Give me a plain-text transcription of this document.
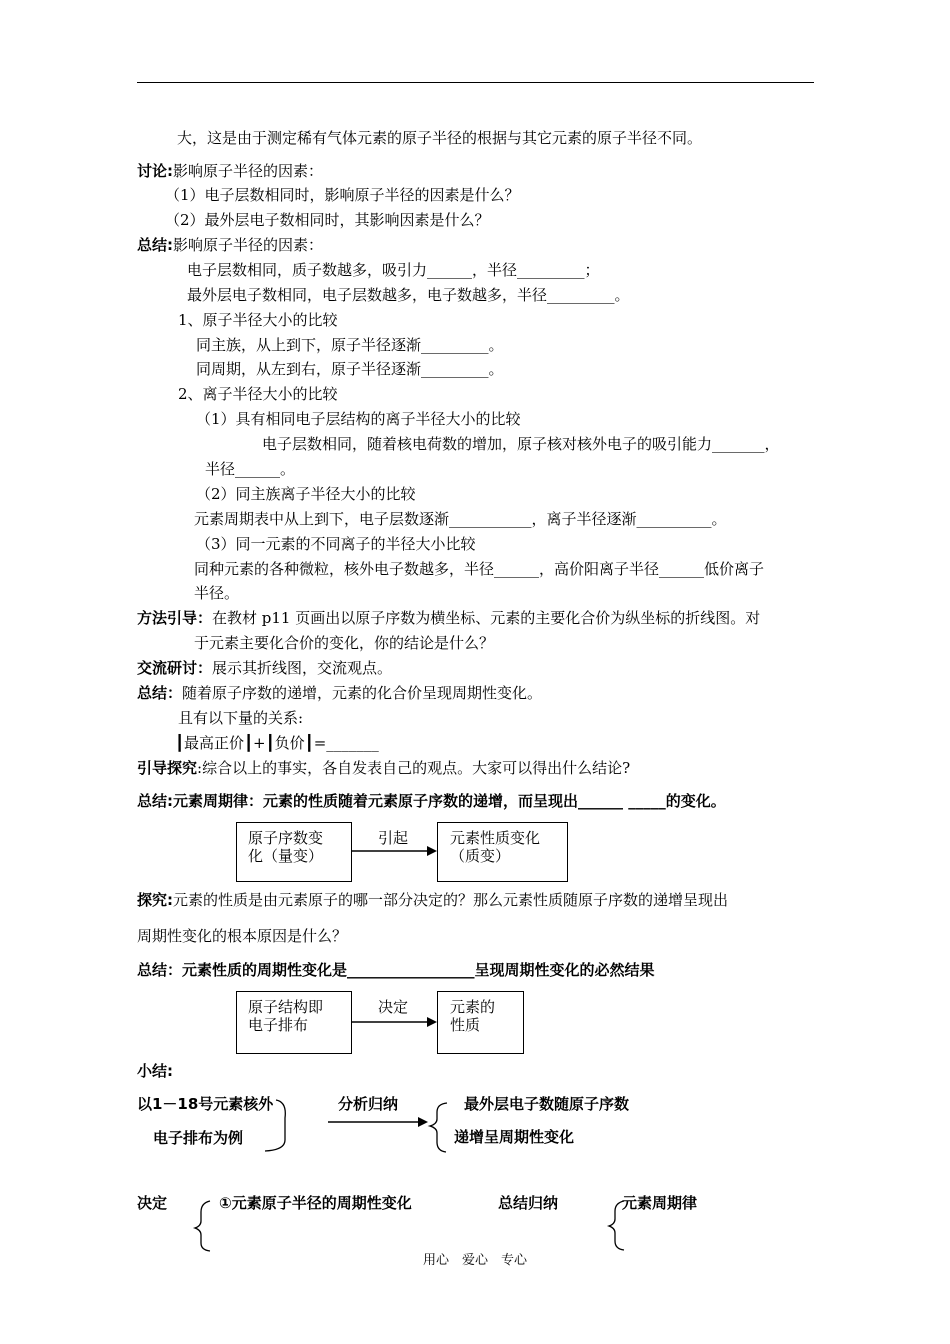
大，这是由于测定稀有气体元素的原子半径的根据与其它元素的原子半径不同。
讨论:影响原子半径的因素：
（1）电子层数相同时，影响原子半径的因素是什么？
（2）最外层电子数相同时，其影响因素是什么？
总结:影响原子半径的因素：
电子层数相同，质子数越多，吸引力______，半径_________；
最外层电子数相同，电子层数越多，电子数越多，半径_________。
1、原子半径大小的比较
同主族，从上到下，原子半径逐渐_________。
同周期，从左到右，原子半径逐渐_________。
2、离子半径大小的比较
（1）具有相同电子层结构的离子半径大小的比较
电子层数相同，随着核电荷数的增加，原子核对核外电子的吸引能力_______，
半径______。
（2）同主族离子半径大小的比较
元素周期表中从上到下，电子层数逐渐___________，离子半径逐渐__________。
（3）同一元素的不同离子的半径大小比较
同种元素的各种微粒，核外电子数越多，半径______，高价阳离子半径______低价离子
半径。
方法引导：在教材 p11 页画出以原子序数为横坐标、元素的主要化合价为纵坐标的折线图。对
于元素主要化合价的变化，你的结论是什么？
交流研讨：展示其折线图，交流观点。
总结：随着原子序数的递增，元素的化合价呈现周期性变化。
且有以下量的关系:
┃最高正价┃+┃负价┃=_______
引导探究:综合以上的事实，各自发表自己的观点。大家可以得出什么结论?
总结:元素周期律：元素的性质随着元素原子序数的递增，而呈现出______ _____的变化。
原子序数变
化（量变）
引起	元素性质变化
（质变）
探究:元素的性质是由元素原子的哪一部分决定的？那么元素性质随原子序数的递增呈现出
周期性变化的根本原因是什么？
总结：元素性质的周期性变化是_________________呈现周期性变化的必然结果
原子结构即
电子排布
决定	元素的
性质
小结:
以1－18号元素核外
电子排布为例
分析归纳	最外层电子数随原子序数
递增呈周期性变化
决定	①元素原子半径的周期性变化	总结归纳	元素周期律
用心　爱心　专心
